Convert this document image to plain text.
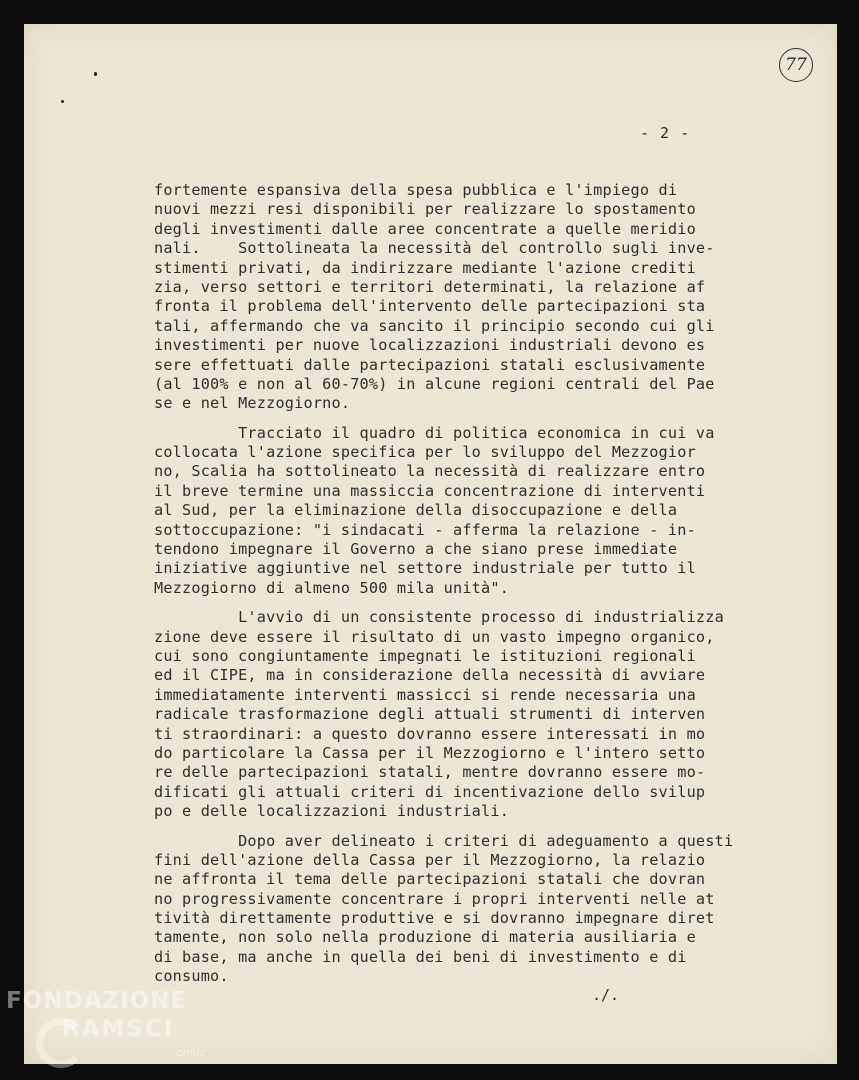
77
- 2 -
fortemente espansiva della spesa pubblica e l'impiego di
nuovi mezzi resi disponibili per realizzare lo spostamento
degli investimenti dalle aree concentrate a quelle meridio
nali.    Sottolineata la necessità del controllo sugli inve-
stimenti privati, da indirizzare mediante l'azione crediti
zia, verso settori e territori determinati, la relazione af
fronta il problema dell'intervento delle partecipazioni sta
tali, affermando che va sancito il principio secondo cui gli
investimenti per nuove localizzazioni industriali devono es
sere effettuati dalle partecipazioni statali esclusivamente
(al 100% e non al 60-70%) in alcune regioni centrali del Pae
se e nel Mezzogiorno.
Tracciato il quadro di politica economica in cui va
collocata l'azione specifica per lo sviluppo del Mezzogior
no, Scalia ha sottolineato la necessità di realizzare entro
il breve termine una massiccia concentrazione di interventi
al Sud, per la eliminazione della disoccupazione e della
sottoccupazione: "i sindacati - afferma la relazione - in-
tendono impegnare il Governo a che siano prese immediate
iniziative aggiuntive nel settore industriale per tutto il
Mezzogiorno di almeno 500 mila unità".
L'avvio di un consistente processo di industrializza
zione deve essere il risultato di un vasto impegno organico,
cui sono congiuntamente impegnati le istituzioni regionali
ed il CIPE, ma in considerazione della necessità di avviare
immediatamente interventi massicci si rende necessaria una
radicale trasformazione degli attuali strumenti di interven
ti straordinari: a questo dovranno essere interessati in mo
do particolare la Cassa per il Mezzogiorno e l'intero setto
re delle partecipazioni statali, mentre dovranno essere mo-
dificati gli attuali criteri di incentivazione dello svilup
po e delle localizzazioni industriali.
Dopo aver delineato i criteri di adeguamento a questi
fini dell'azione della Cassa per il Mezzogiorno, la relazio
ne affronta il tema delle partecipazioni statali che dovran
no progressivamente concentrare i propri interventi nelle at
tività direttamente produttive e si dovranno impegnare diret
tamente, non solo nella produzione di materia ausiliaria e
di base, ma anche in quella dei beni di investimento e di
consumo.
./.
FONDAZIONE
RAMSCI
onlus
